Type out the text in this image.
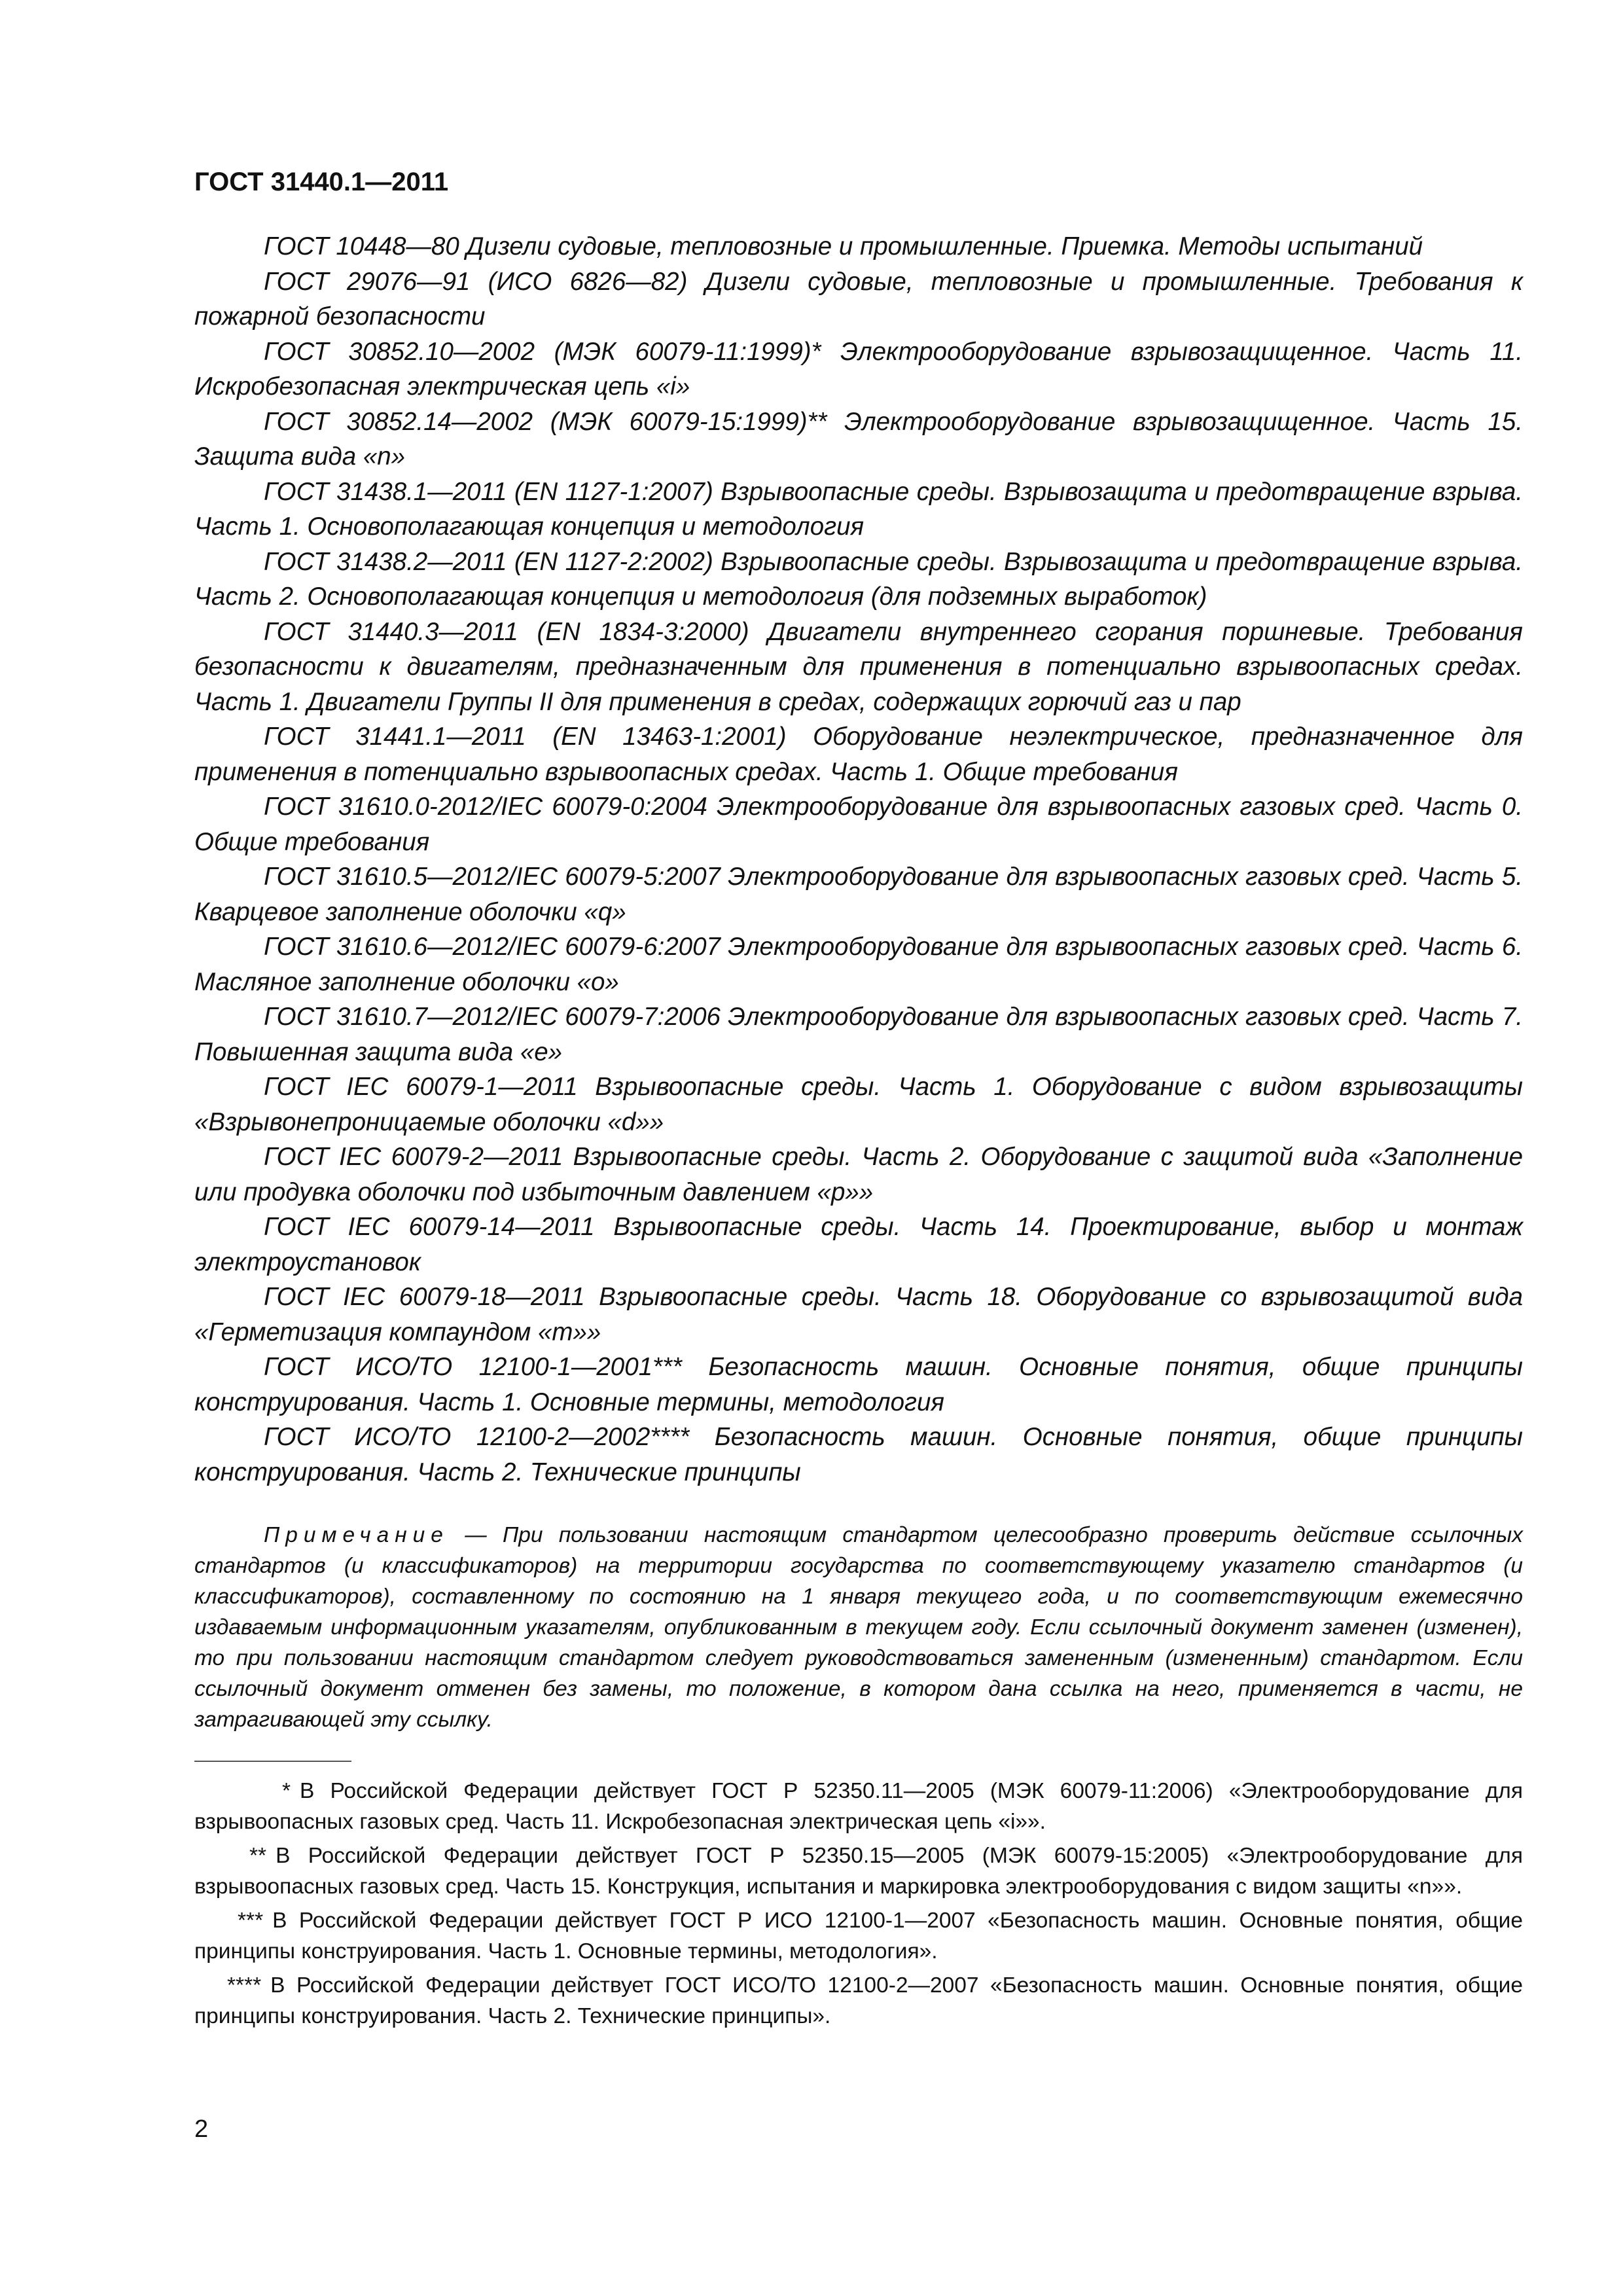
ГОСТ 31440.1—2011
ГОСТ 10448—80 Дизели судовые, тепловозные и промышленные. Приемка. Методы испытаний
ГОСТ 29076—91 (ИСО 6826—82) Дизели судовые, тепловозные и промышленные. Требования к пожарной безопасности
ГОСТ 30852.10—2002 (МЭК 60079-11:1999)* Электрооборудование взрывозащищенное. Часть 11. Искробезопасная электрическая цепь «i»
ГОСТ 30852.14—2002 (МЭК 60079-15:1999)** Электрооборудование взрывозащищенное. Часть 15. Защита вида «n»
ГОСТ 31438.1—2011 (EN 1127-1:2007) Взрывоопасные среды. Взрывозащита и предотвращение взрыва. Часть 1. Основополагающая концепция и методология
ГОСТ 31438.2—2011 (EN 1127-2:2002) Взрывоопасные среды. Взрывозащита и предотвращение взрыва. Часть 2. Основополагающая концепция и методология (для подземных выработок)
ГОСТ 31440.3—2011 (EN 1834-3:2000) Двигатели внутреннего сгорания поршневые. Требования безопасности к двигателям, предназначенным для применения в потенциально взрывоопасных средах. Часть 1. Двигатели Группы II для применения в средах, содержащих горючий газ и пар
ГОСТ 31441.1—2011 (EN 13463-1:2001) Оборудование неэлектрическое, предназначенное для применения в потенциально взрывоопасных средах. Часть 1. Общие требования
ГОСТ 31610.0-2012/IEC 60079-0:2004 Электрооборудование для взрывоопасных газовых сред. Часть 0. Общие требования
ГОСТ 31610.5—2012/IEC 60079-5:2007 Электрооборудование для взрывоопасных газовых сред. Часть 5. Кварцевое заполнение оболочки «q»
ГОСТ 31610.6—2012/IEC 60079-6:2007 Электрооборудование для взрывоопасных газовых сред. Часть 6. Масляное заполнение оболочки «о»
ГОСТ 31610.7—2012/IEC 60079-7:2006 Электрооборудование для взрывоопасных газовых сред. Часть 7. Повышенная защита вида «е»
ГОСТ IEC 60079-1—2011 Взрывоопасные среды. Часть 1. Оборудование с видом взрывозащиты «Взрывонепроницаемые оболочки «d»»
ГОСТ IEC 60079-2—2011 Взрывоопасные среды. Часть 2. Оборудование с защитой вида «Заполнение или продувка оболочки под избыточным давлением «р»»
ГОСТ IEC 60079-14—2011 Взрывоопасные среды. Часть 14. Проектирование, выбор и монтаж электроустановок
ГОСТ IEC 60079-18—2011 Взрывоопасные среды. Часть 18. Оборудование со взрывозащитой вида «Герметизация компаундом «m»»
ГОСТ ИСО/ТО 12100-1—2001*** Безопасность машин. Основные понятия, общие принципы конструирования. Часть 1. Основные термины, методология
ГОСТ ИСО/ТО 12100-2—2002**** Безопасность машин. Основные понятия, общие принципы конструирования. Часть 2. Технические принципы

Примечание — При пользовании настоящим стандартом целесообразно проверить действие ссылочных стандартов (и классификаторов) на территории государства по соответствующему указателю стандартов (и классификаторов), составленному по состоянию на 1 января текущего года, и по соответствующим ежемесячно издаваемым информационным указателям, опубликованным в текущем году. Если ссылочный документ заменен (изменен), то при пользовании настоящим стандартом следует руководствоваться замененным (измененным) стандартом. Если ссылочный документ отменен без замены, то положение, в котором дана ссылка на него, применяется в части, не затрагивающей эту ссылку.

* В Российской Федерации действует ГОСТ Р 52350.11—2005 (МЭК 60079-11:2006) «Электрооборудование для взрывоопасных газовых сред. Часть 11. Искробезопасная электрическая цепь «i»».
** В Российской Федерации действует ГОСТ Р 52350.15—2005 (МЭК 60079-15:2005) «Электрооборудование для взрывоопасных газовых сред. Часть 15. Конструкция, испытания и маркировка электрооборудования с видом защиты «n»».
*** В Российской Федерации действует ГОСТ Р ИСО 12100-1—2007 «Безопасность машин. Основные понятия, общие принципы конструирования. Часть 1. Основные термины, методология».
**** В Российской Федерации действует ГОСТ ИСО/ТО 12100-2—2007 «Безопасность машин. Основные понятия, общие принципы конструирования. Часть 2. Технические принципы».
2
